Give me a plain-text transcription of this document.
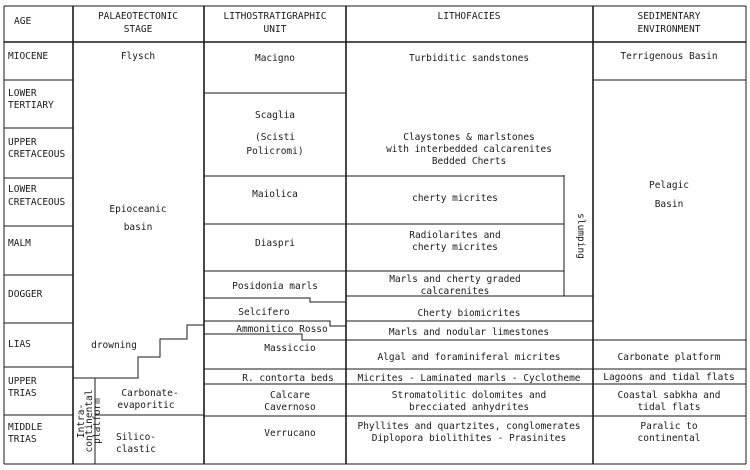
AGE	PALAEOTECTONIC
STAGE
LITHOSTRATIGRAPHIC
UNIT
LITHOFACIES	SEDIMENTARY
ENVIRONMENT
MIOCENE
LOWER
TERTIARY
UPPER
CRETACEOUS
LOWER
CRETACEOUS
MALM
DOGGER
LIAS
UPPER
TRIAS
MIDDLE
TRIAS
Flysch
Epioceanic
basin
drowning
Intra-
continental
platform
Carbonate-
evaporitic
Silico-
clastic
Macigno
Scaglia
(Scisti
Policromi)
Maiolica
Diaspri
Posidonia marls
Selcifero
Ammonitico Rosso
Massiccio
R. contorta beds
Calcare
Cavernoso
Verrucano
Turbiditic sandstones
Claystones & marlstones
with interbedded calcarenites
Bedded Cherts
cherty micrites
Radiolarites and
cherty micrites
Marls and cherty graded
calcarenites
slumping
Cherty biomicrites
Marls and nodular limestones
Algal and foraminiferal micrites
Micrites - Laminated marls - Cyclotheme
Stromatolitic dolomites and
brecciated anhydrites
Phyllites and quartzites, conglomerates
Diplopora biolithites - Prasinites
Terrigenous Basin
Pelagic
Basin
Carbonate platform
Lagoons and tidal flats
Coastal sabkha and
tidal flats
Paralic to
continental
